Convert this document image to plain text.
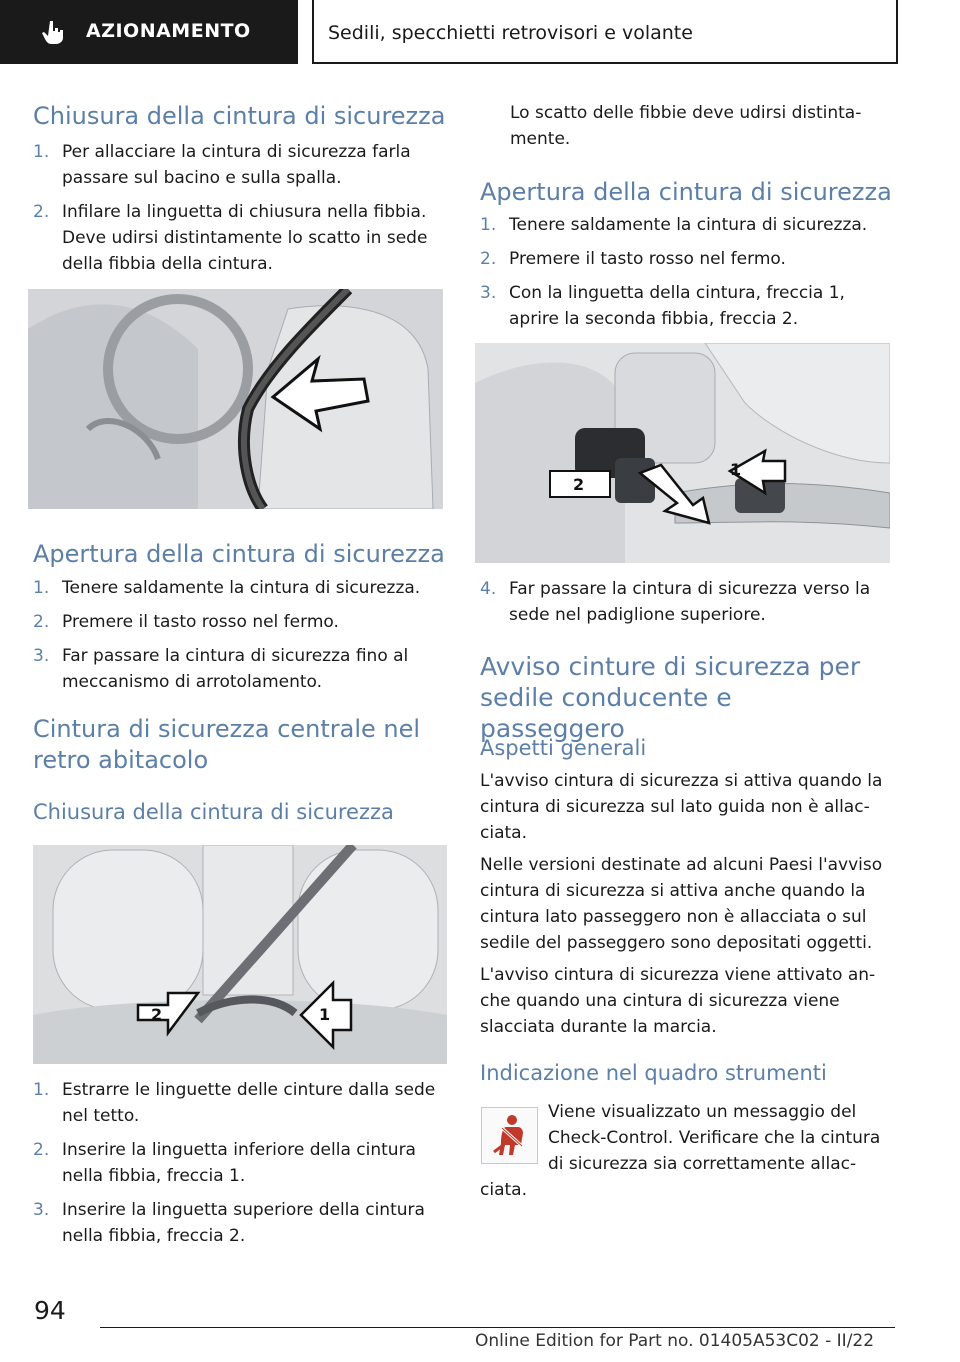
AZIONAMENTO	Sedili, specchietti retrovisori e volante
Chiusura della cintura di sicurezza
1. Per allacciare la cintura di sicurezza farla passare sul bacino e sulla spalla.
2. Infilare la linguetta di chiusura nella fibbia. Deve udirsi distintamente lo scatto in sede della fibbia della cintura.
Apertura della cintura di sicurezza
1. Tenere saldamente la cintura di sicurezza.
2. Premere il tasto rosso nel fermo.
3. Far passare la cintura di sicurezza fino al meccanismo di arrotolamento.
Cintura di sicurezza centrale nel retro abitacolo
Chiusura della cintura di sicurezza
2	1
1. Estrarre le linguette delle cinture dalla sede nel tetto.
2. Inserire la linguetta inferiore della cintura nella fibbia, freccia 1.
3. Inserire la linguetta superiore della cintura nella fibbia, freccia 2.
Lo scatto delle fibbie deve udirsi distinta-mente.
Apertura della cintura di sicurezza
1. Tenere saldamente la cintura di sicurezza.
2. Premere il tasto rosso nel fermo.
3. Con la linguetta della cintura, freccia 1, aprire la seconda fibbia, freccia 2.
2
1
4. Far passare la cintura di sicurezza verso la sede nel padiglione superiore.
Avviso cinture di sicurezza per sedile conducente e passeggero
Aspetti generali
L'avviso cintura di sicurezza si attiva quando la cintura di sicurezza sul lato guida non è allac-ciata.
Nelle versioni destinate ad alcuni Paesi l'avviso cintura di sicurezza si attiva anche quando la cintura lato passeggero non è allacciata o sul sedile del passeggero sono depositati oggetti.
L'avviso cintura di sicurezza viene attivato an-che quando una cintura di sicurezza viene slacciata durante la marcia.
Indicazione nel quadro strumenti
Viene visualizzato un messaggio del Check-Control. Verificare che la cintura di sicurezza sia correttamente allac-ciata.
94
Online Edition for Part no. 01405A53C02 - II/22
